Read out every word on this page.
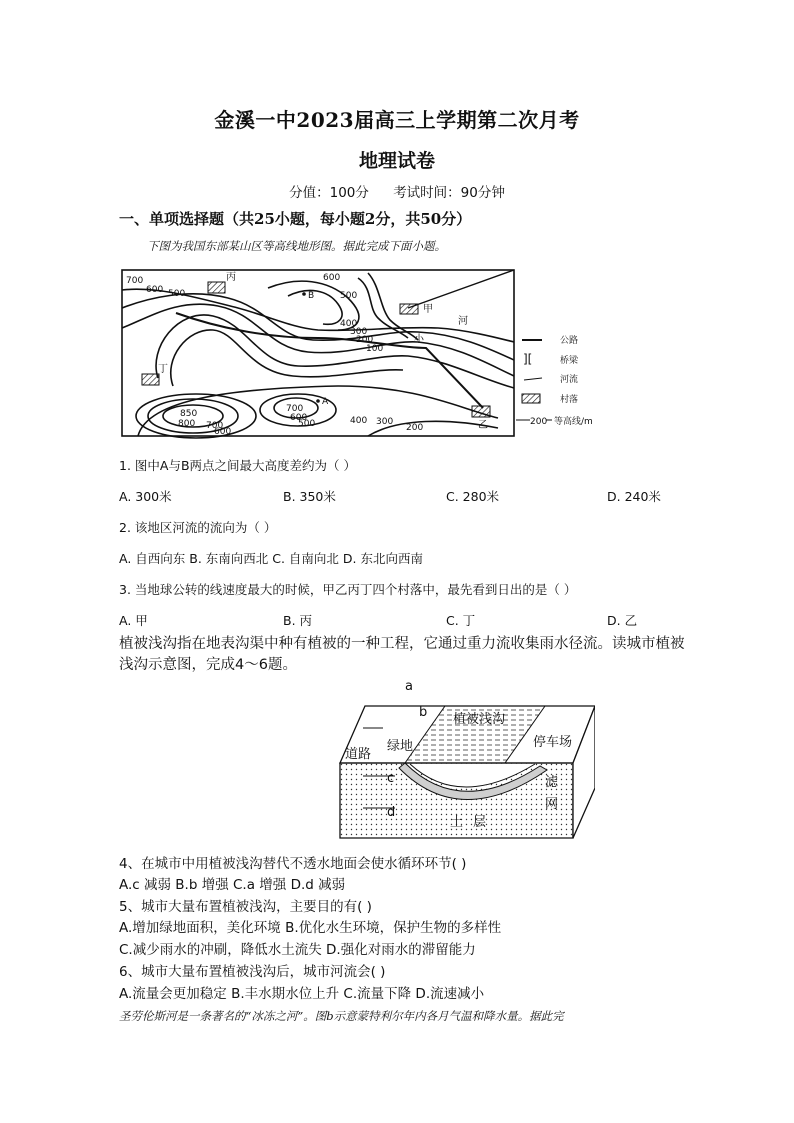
金溪一中2023届高三上学期第二次月考
地理试卷
分值：100分 考试时间：90分钟
一、单项选择题（共25小题，每小题2分，共50分）
下图为我国东部某山区等高线地形图。据此完成下面小题。
700
600 500
600
500
400
300
200
100
850
800 700
600
700
600
500	400 300
200
B
A
甲
乙
丙
丁
小
河
公路
][	桥梁
河流
村落
200 等高线/m
1. 图中A与B两点之间最大高度差约为（ ）
A. 300米	B. 350米	C. 280米	D. 240米
2. 该地区河流的流向为（ ）
A. 自西向东 B. 东南向西北 C. 自南向北 D. 东北向西南
3. 当地球公转的线速度最大的时候，甲乙丙丁四个村落中，最先看到日出的是（ ）
A. 甲	B. 丙	C. 丁	D. 乙
植被浅沟指在地表沟渠中种有植被的一种工程，它通过重力流收集雨水径流。读城市植被浅沟示意图，完成4～6题。
a
b 植被浅沟
道路
绿地	停车场
c
d
滤
网
土 层
4、在城市中用植被浅沟替代不透水地面会使水循环环节( )
A.c 减弱 B.b 增强 C.a 增强 D.d 减弱
5、城市大量布置植被浅沟，主要目的有( )
A.增加绿地面积，美化环境 B.优化水生环境，保护生物的多样性
C.减少雨水的冲刷，降低水土流失 D.强化对雨水的滞留能力
6、城市大量布置植被浅沟后，城市河流会( )
A.流量会更加稳定 B.丰水期水位上升 C.流量下降 D.流速减小
圣劳伦斯河是一条著名的“冰冻之河”。图b示意蒙特利尔年内各月气温和降水量。据此完
